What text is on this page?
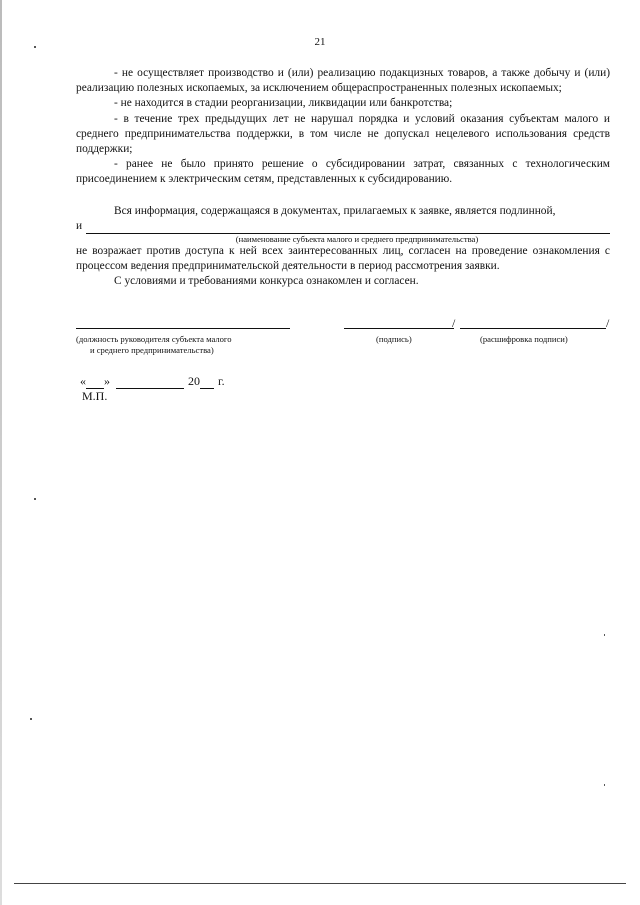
21

- не осуществляет производство и (или) реализацию подакцизных товаров, а также добычу и (или) реализацию полезных ископаемых, за исключением общераспространенных полезных ископаемых;

- не находится в стадии реорганизации, ликвидации или банкротства;

- в течение трех предыдущих лет не нарушал порядка и условий оказания субъектам малого и среднего предпринимательства поддержки, в том числе не допускал нецелевого использования средств поддержки;

- ранее не было принято решение о субсидировании затрат, связанных с технологическим присоединением к электрическим сетям, представленных к субсидированию.

Вся информация, содержащаяся в документах, прилагаемых к заявке, является подлинной,

и
(наименование субъекта малого и среднего предпринимательства)

не возражает против доступа к ней всех заинтересованных лиц, согласен на проведение ознакомления с процессом ведения предпринимательской деятельности в период рассмотрения заявки.

С условиями и требованиями конкурса ознакомлен и согласен.

/	/
(должность руководителя субъекта малого
и среднего предпринимательства)
(подпись)	(расшифровка подписи)
« »	20 г.
М.П.
